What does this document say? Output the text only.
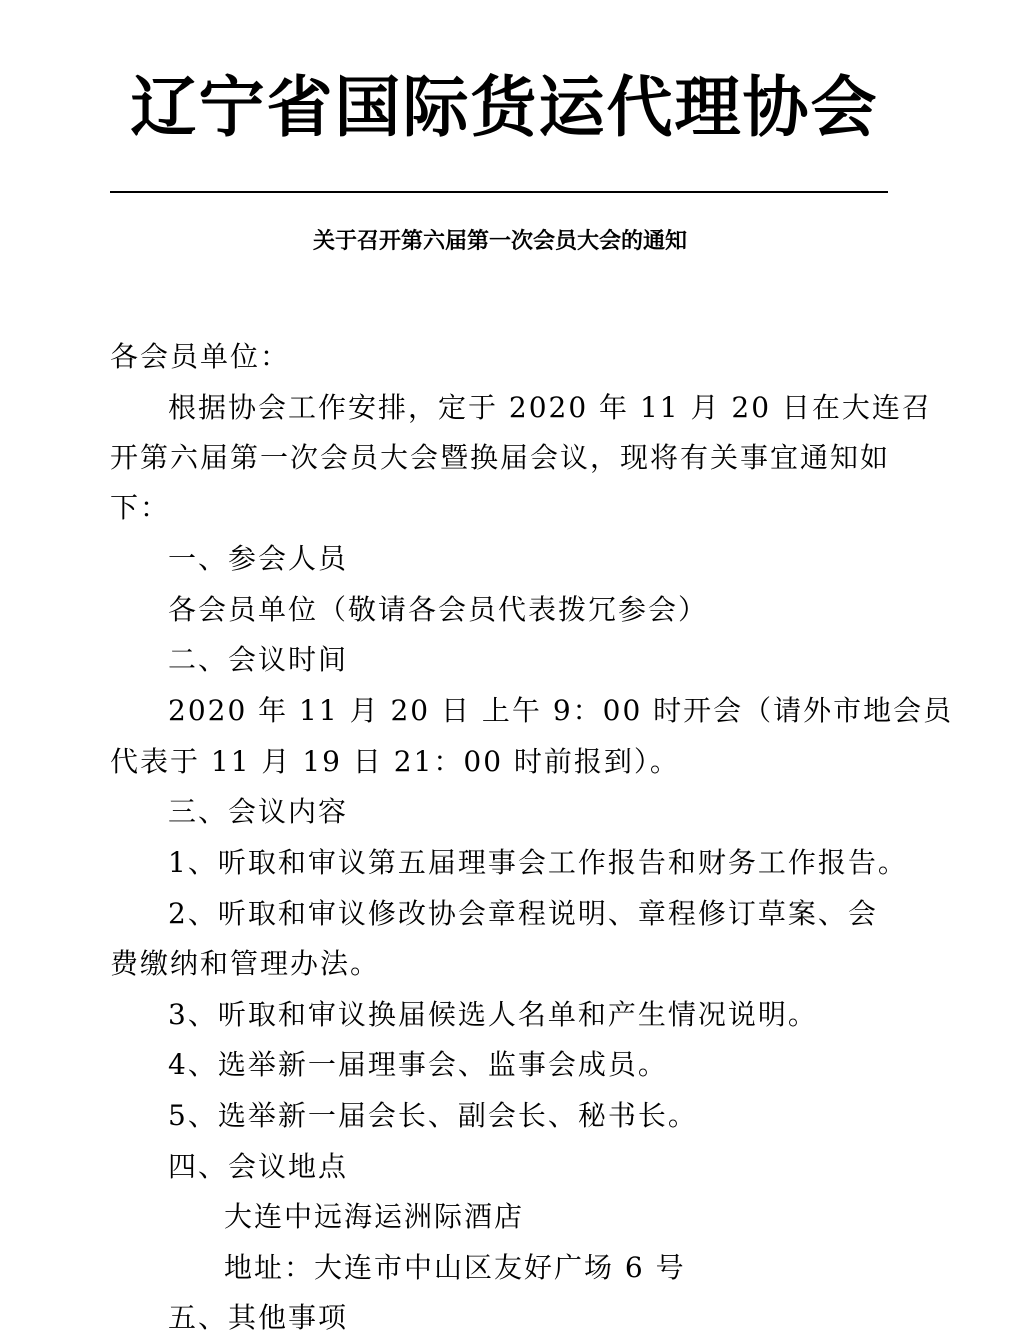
辽宁省国际货运代理协会
关于召开第六届第一次会员大会的通知
各会员单位：
根据协会工作安排，定于 2020 年 11 月 20 日在大连召
开第六届第一次会员大会暨换届会议，现将有关事宜通知如
下：
一、参会人员
各会员单位（敬请各会员代表拨冗参会）
二、会议时间
2020 年 11 月 20 日 上午 9：00 时开会（请外市地会员
代表于 11 月 19 日 21：00 时前报到）。
三、会议内容
1、听取和审议第五届理事会工作报告和财务工作报告。
2、听取和审议修改协会章程说明、章程修订草案、会
费缴纳和管理办法。
3、听取和审议换届候选人名单和产生情况说明。
4、选举新一届理事会、监事会成员。
5、选举新一届会长、副会长、秘书长。
四、会议地点
大连中远海运洲际酒店
地址：大连市中山区友好广场 6 号
五、其他事项
